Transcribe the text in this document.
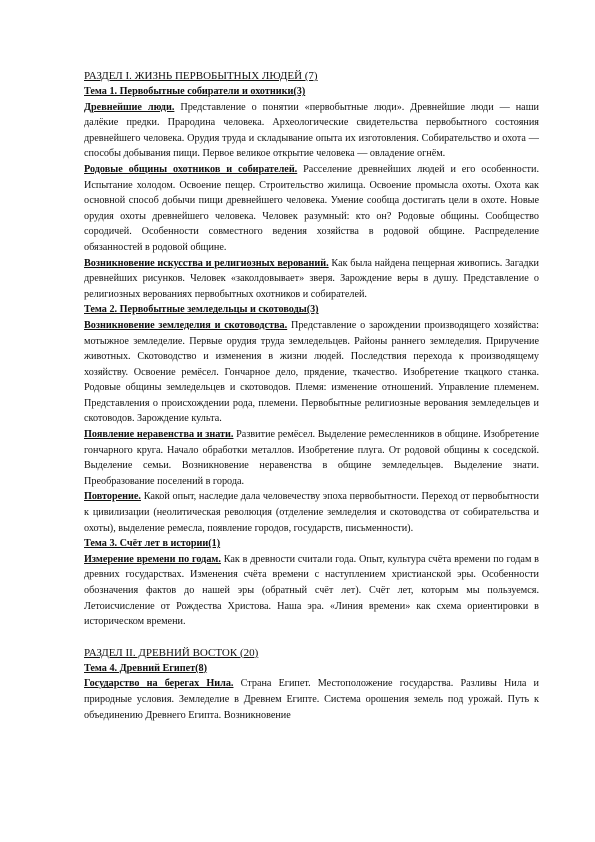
РАЗДЕЛ I. ЖИЗНЬ ПЕРВОБЫТНЫХ ЛЮДЕЙ (7)
Тема 1. Первобытные собиратели и охотники(3)

Древнейшие люди. Представление о понятии «первобытные люди». Древнейшие люди — наши далёкие предки. Прародина человека. Археологические свидетельства первобытного состояния древнейшего человека. Орудия труда и складывание опыта их изготовления. Собирательство и охота — способы добывания пищи. Первое великое открытие человека — овладение огнём.

Родовые общины охотников и собирателей. Расселение древнейших людей и его особенности. Испытание холодом. Освоение пещер. Строительство жилища. Освоение промысла охоты. Охота как основной способ добычи пищи древнейшего человека. Умение сообща достигать цели в охоте. Новые орудия охоты древнейшего человека. Человек разумный: кто он? Родовые общины. Сообщество сородичей. Особенности совместного ведения хозяйства в родовой общине. Распределение обязанностей в родовой общине.

Возникновение искусства и религиозных верований. Как была найдена пещерная живопись. Загадки древнейших рисунков. Человек «заколдовывает» зверя. Зарождение веры в душу. Представление о религиозных верованиях первобытных охотников и собирателей.

Тема 2. Первобытные земледельцы и скотоводы(3)

Возникновение земледелия и скотоводства. Представление о зарождении производящего хозяйства: мотыжное земледелие. Первые орудия труда земледельцев. Районы раннего земледелия. Приручение животных. Скотоводство и изменения в жизни людей. Последствия перехода к производящему хозяйству. Освоение ремёсел. Гончарное дело, прядение, ткачество. Изобретение ткацкого станка. Родовые общины земледельцев и скотоводов. Племя: изменение отношений. Управление племенем. Представления о происхождении рода, племени. Первобытные религиозные верования земледельцев и скотоводов. Зарождение культа.

Появление неравенства и знати. Развитие ремёсел. Выделение ремесленников в общине. Изобретение гончарного круга. Начало обработки металлов. Изобретение плуга. От родовой общины к соседской. Выделение семьи. Возникновение неравенства в общине земледельцев. Выделение знати. Преобразование поселений в города.

Повторение. Какой опыт, наследие дала человечеству эпоха первобытности. Переход от первобытности к цивилизации (неолитическая революция (отделение земледелия и скотоводства от собирательства и охоты), выделение ремесла, появление городов, государств, письменности).

Тема 3. Счёт лет в истории(1)

Измерение времени по годам. Как в древности считали года. Опыт, культура счёта времени по годам в древних государствах. Изменения счёта времени с наступлением христианской эры. Особенности обозначения фактов до нашей эры (обратный счёт лет). Счёт лет, которым мы пользуемся. Летоисчисление от Рождества Христова. Наша эра. «Линия времени» как схема ориентировки в историческом времени.

РАЗДЕЛ II. ДРЕВНИЙ ВОСТОК (20)
Тема 4. Древний Египет(8)

Государство на берегах Нила. Страна Египет. Местоположение государства. Разливы Нила и природные условия. Земледелие в Древнем Египте. Система орошения земель под урожай. Путь к объединению Древнего Египта. Возникновение
